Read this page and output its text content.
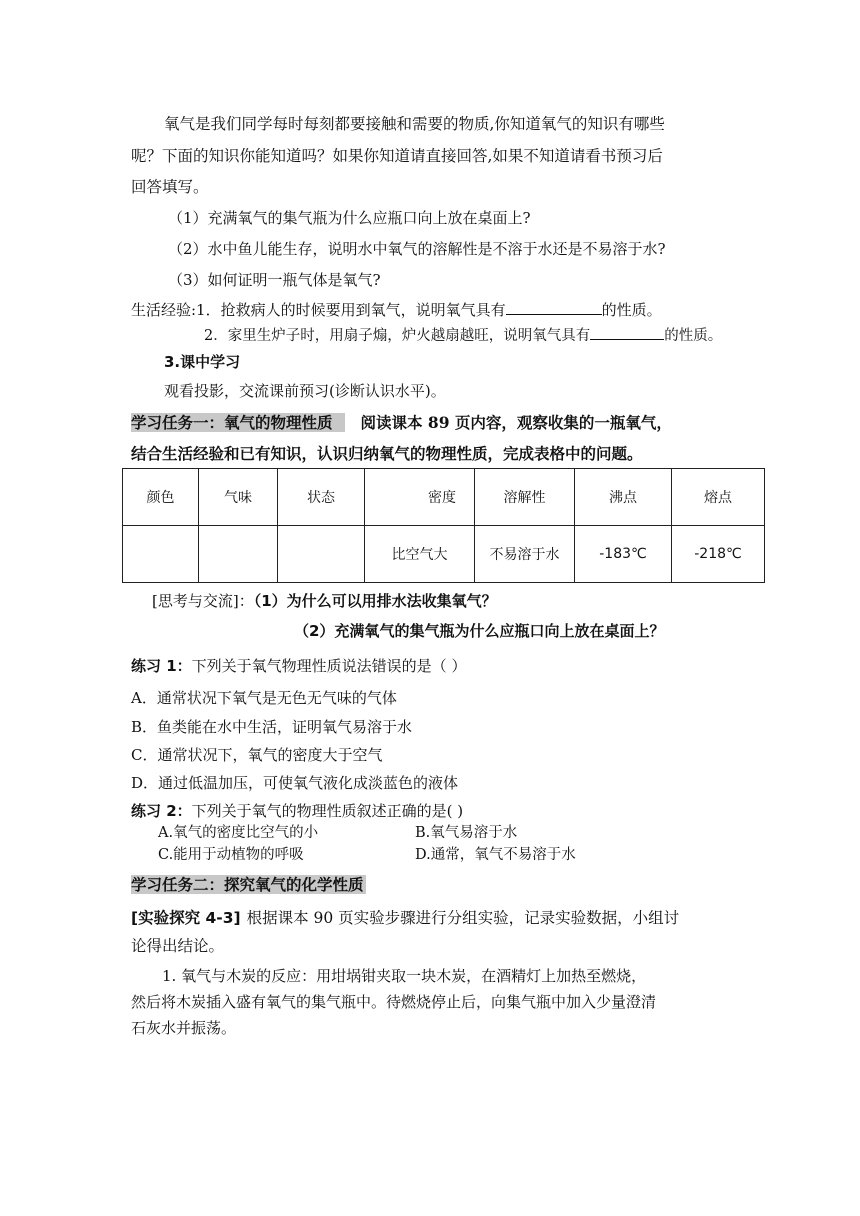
氧气是我们同学每时每刻都要接触和需要的物质,你知道氧气的知识有哪些
呢？下面的知识你能知道吗？如果你知道请直接回答,如果不知道请看书预习后
回答填写。
（1）充满氧气的集气瓶为什么应瓶口向上放在桌面上?
（2）水中鱼儿能生存，说明水中氧气的溶解性是不溶于水还是不易溶于水?
（3）如何证明一瓶气体是氧气?
生活经验:1．抢救病人的时候要用到氧气，说明氧气具有	的性质。
2．家里生炉子时，用扇子煽，炉火越扇越旺，说明氧气具有	的性质。
3.课中学习
观看投影，交流课前预习(诊断认识水平)。
学习任务一：氧气的物理性质 阅读课本 89 页内容，观察收集的一瓶氧气，
结合生活经验和已有知识，认识归纳氧气的物理性质，完成表格中的问题。
颜色	气味	状态	密度	溶解性	沸点	熔点
			比空气大	不易溶于水	-183℃	-218℃
[思考与交流]：（1）为什么可以用排水法收集氧气？
（2）充满氧气的集气瓶为什么应瓶口向上放在桌面上？
练习 1：下列关于氧气物理性质说法错误的是（ ）
A．通常状况下氧气是无色无气味的气体
B．鱼类能在水中生活，证明氧气易溶于水
C．通常状况下，氧气的密度大于空气
D．通过低温加压，可使氧气液化成淡蓝色的液体
练习 2：下列关于氧气的物理性质叙述正确的是( )
A.氧气的密度比空气的小	B.氧气易溶于水
C.能用于动植物的呼吸	D.通常，氧气不易溶于水
学习任务二：探究氧气的化学性质
[实验探究 4-3] 根据课本 90 页实验步骤进行分组实验，记录实验数据，小组讨
论得出结论。
1. 氧气与木炭的反应：用坩埚钳夹取一块木炭，在酒精灯上加热至燃烧，
然后将木炭插入盛有氧气的集气瓶中。待燃烧停止后，向集气瓶中加入少量澄清
石灰水并振荡。
